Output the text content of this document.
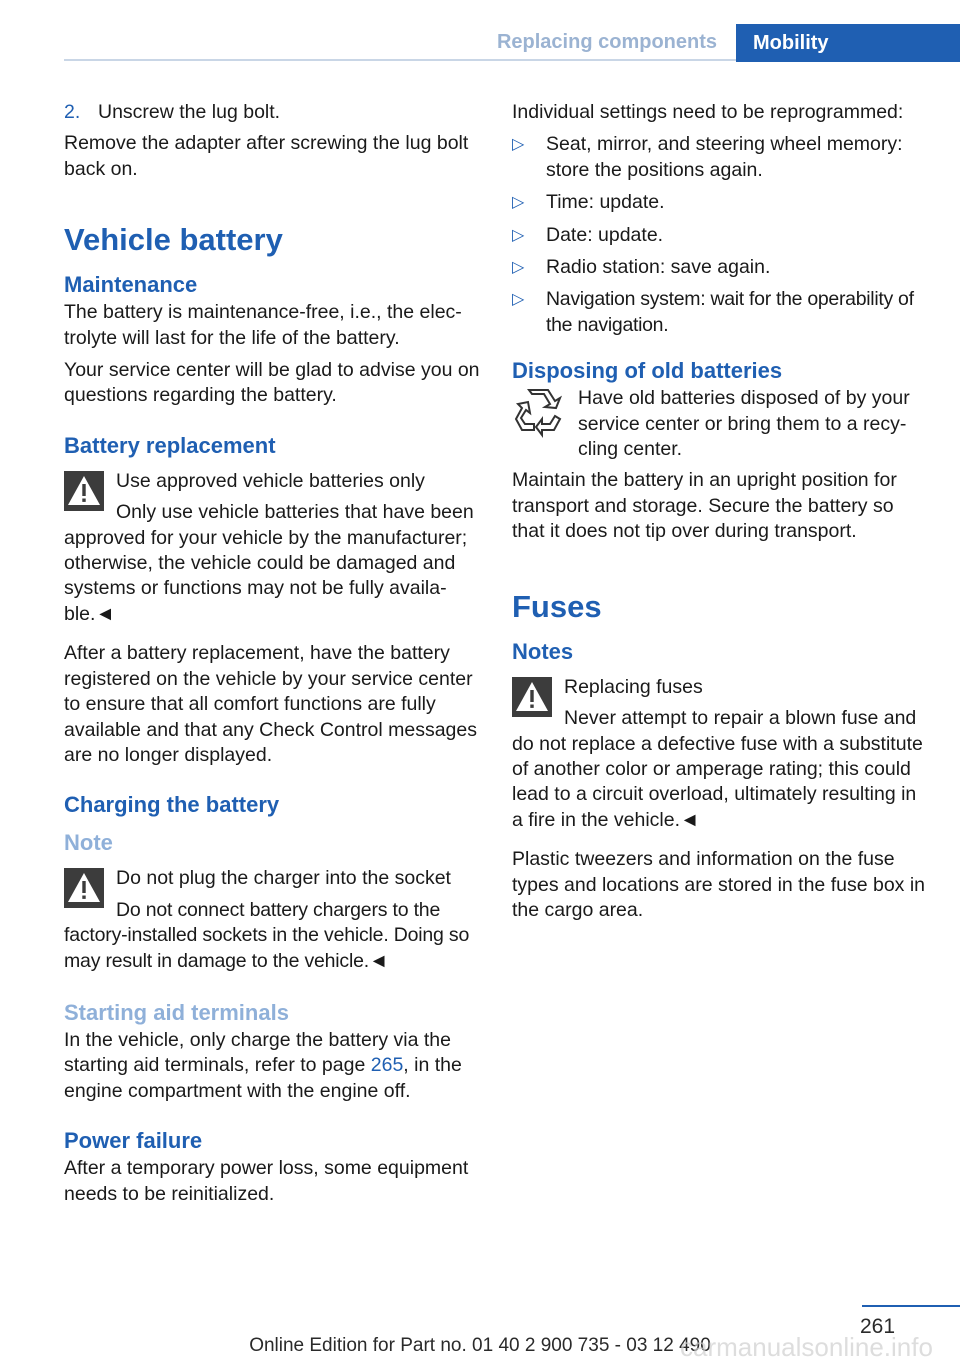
Replacing components	Mobility
2. Unscrew the lug bolt.

Remove the adapter after screwing the lug bolt back on.

Vehicle battery
Maintenance

The battery is maintenance-free, i.e., the elec-trolyte will last for the life of the battery.

Your service center will be glad to advise you on questions regarding the battery.

Battery replacement
Use approved vehicle batteries only
Only use vehicle batteries that have been approved for your vehicle by the manufacturer; otherwise, the vehicle could be damaged and systems or functions may not be fully availa-ble.◄

After a battery replacement, have the battery registered on the vehicle by your service center to ensure that all comfort functions are fully available and that any Check Control messages are no longer displayed.

Charging the battery
Note
Do not plug the charger into the socket
Do not connect battery chargers to the factory-installed sockets in the vehicle. Doing so may result in damage to the vehicle.◄
Starting aid terminals

In the vehicle, only charge the battery via the starting aid terminals, refer to page 265, in the engine compartment with the engine off.

Power failure

After a temporary power loss, some equipment needs to be reinitialized.

Individual settings need to be reprogrammed:

▷	Seat, mirror, and steering wheel memory: store the positions again.
▷	Time: update.
▷	Date: update.
▷	Radio station: save again.
▷	Navigation system: wait for the operability of the navigation.
Disposing of old batteries
Have old batteries disposed of by your service center or bring them to a recy-cling center.

Maintain the battery in an upright position for transport and storage. Secure the battery so that it does not tip over during transport.

Fuses
Notes
Replacing fuses
Never attempt to repair a blown fuse and do not replace a defective fuse with a substitute of another color or amperage rating; this could lead to a circuit overload, ultimately resulting in a fire in the vehicle.◄

Plastic tweezers and information on the fuse types and locations are stored in the fuse box in the cargo area.

261
Online Edition for Part no. 01 40 2 900 735 - 03 12 490
carmanualsonline.info
